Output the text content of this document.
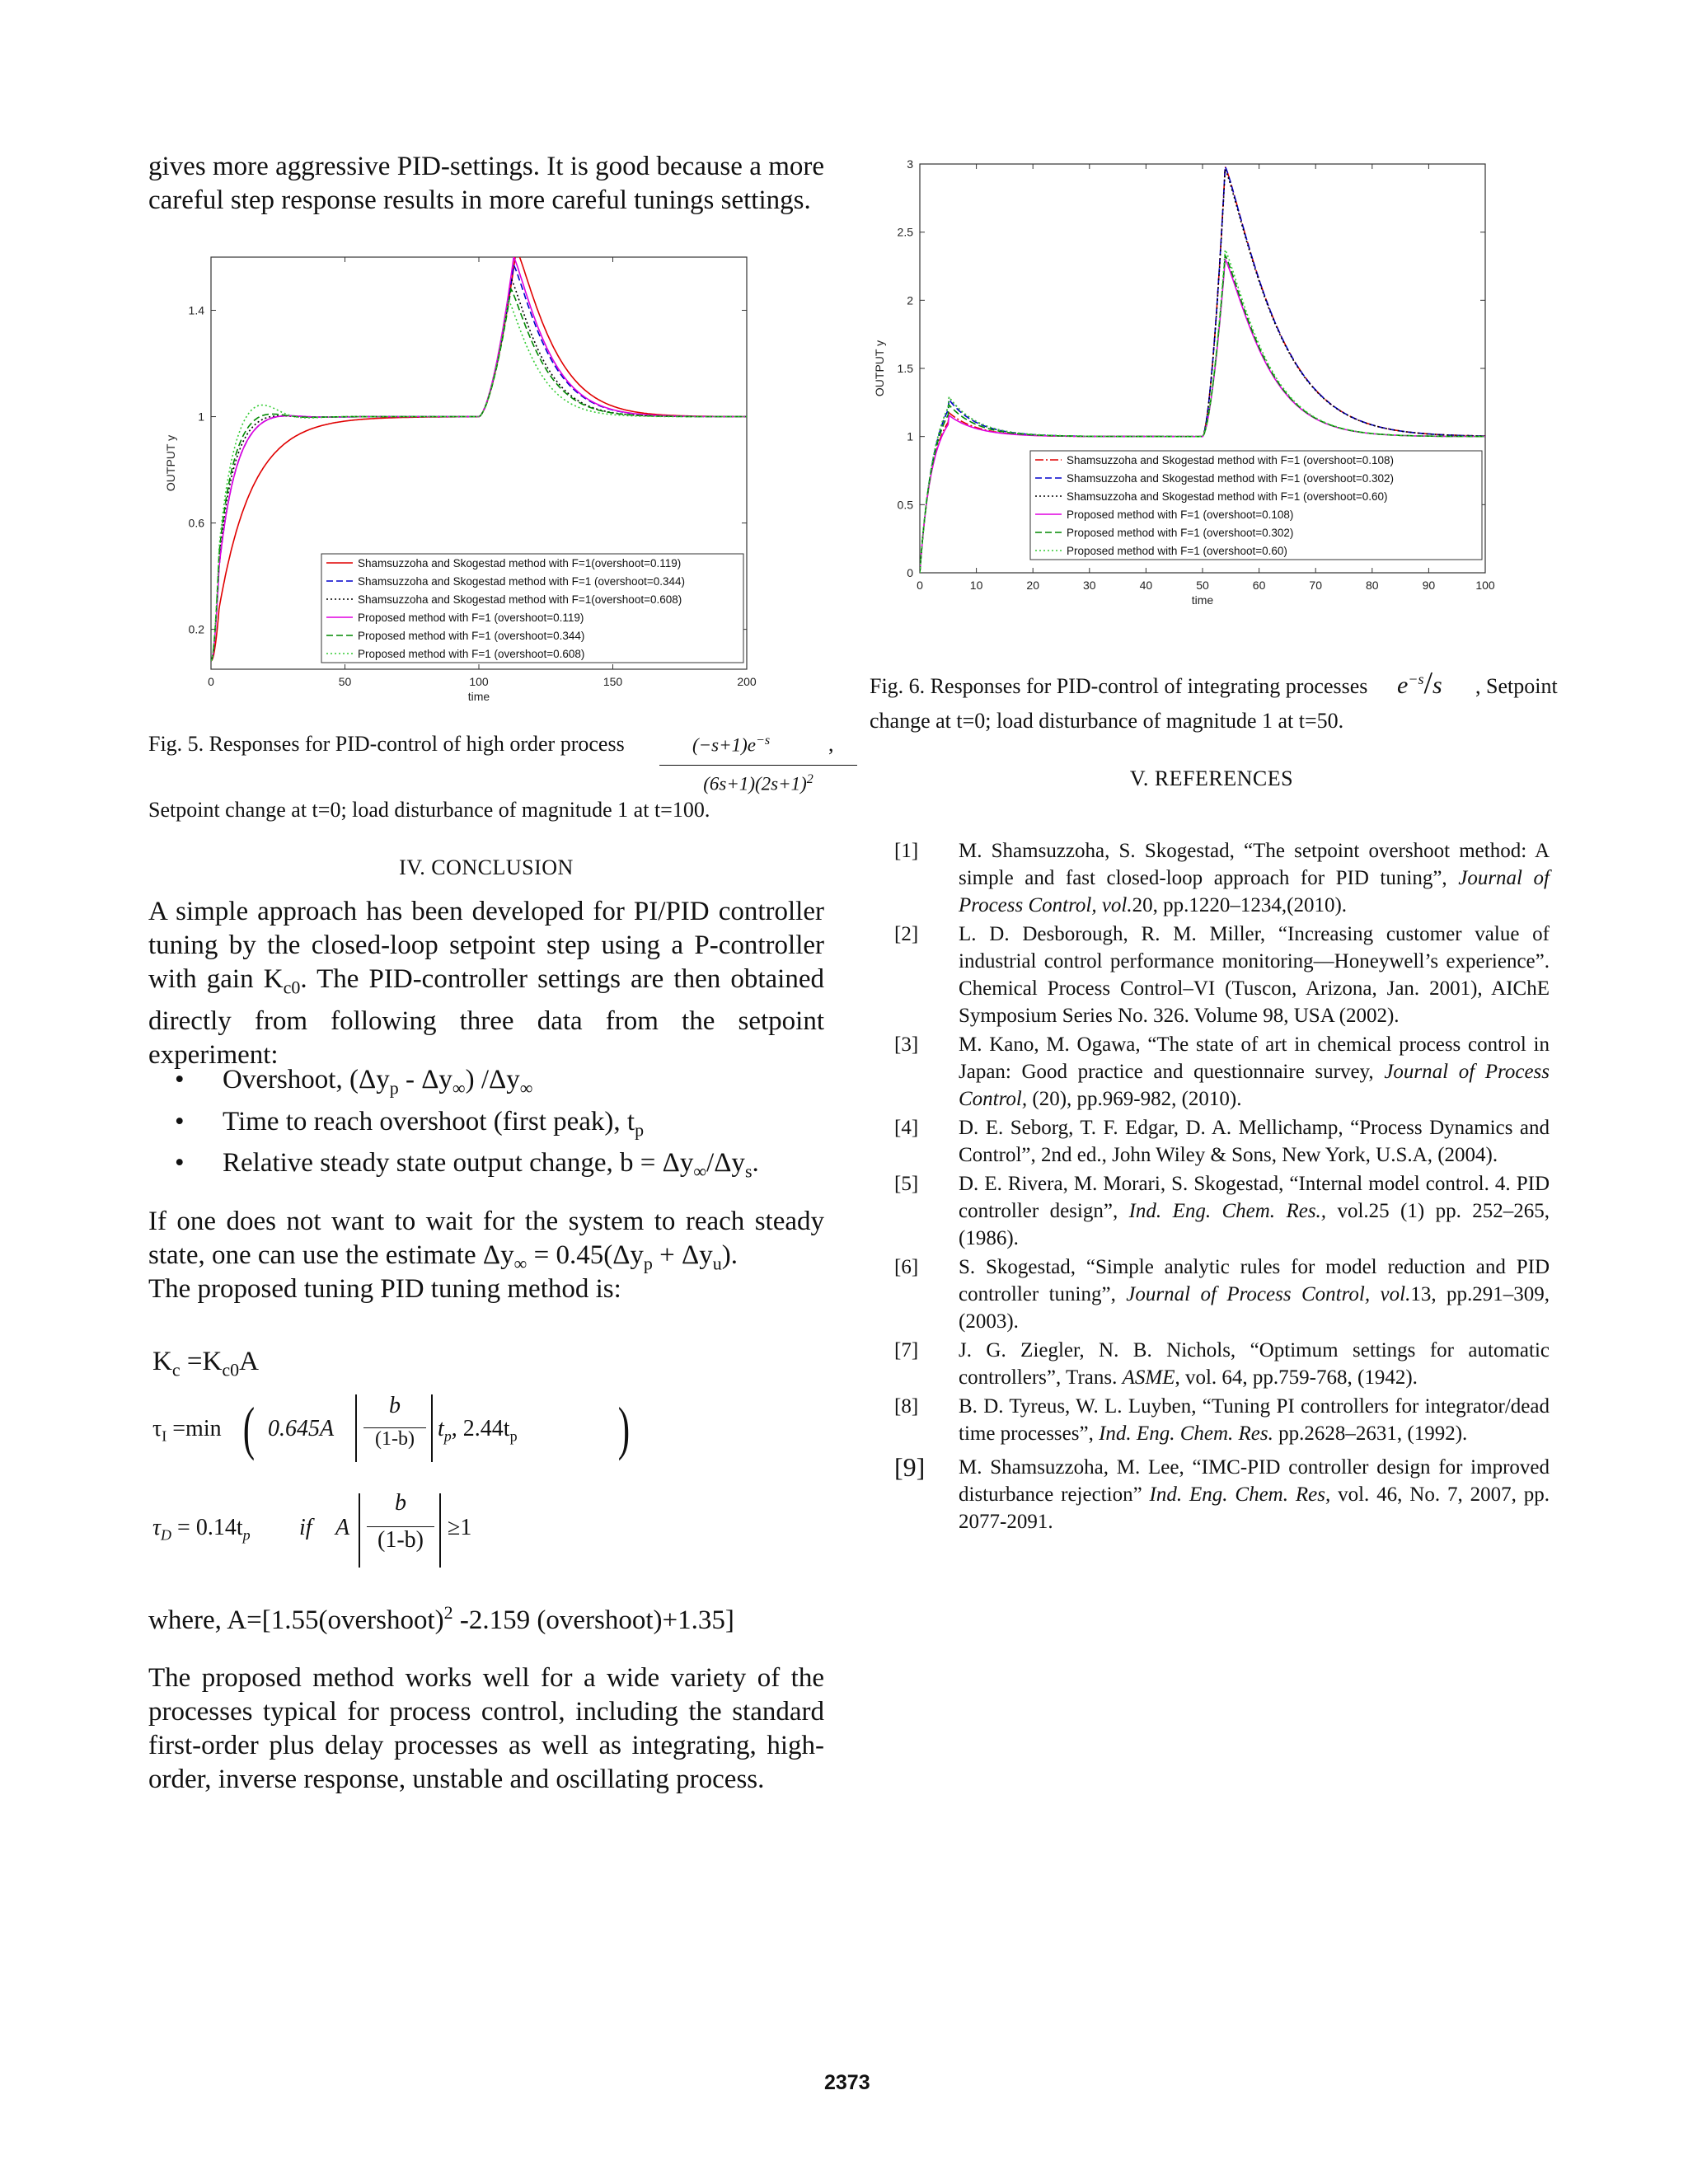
gives more aggressive PID-settings. It is good because a more careful step response results in more careful tunings settings.

0	50	100	150	200
0.2
0.6
1
1.4
time
OUTPUT y
Shamsuzzoha and Skogestad method with F=1(overshoot=0.119)
Shamsuzzoha and Skogestad method with F=1 (overshoot=0.344)
Shamsuzzoha and Skogestad method with F=1(overshoot=0.608)
Proposed method with F=1 (overshoot=0.119)
Proposed method with F=1 (overshoot=0.344)
Proposed method with F=1 (overshoot=0.608)
Fig. 5. Responses for PID-control of high order process	$(-s+1)e^{-s}$
$(6s+1)(2s+1)^2$
,
Setpoint change at t=0; load disturbance of magnitude 1 at t=100.
IV. CONCLUSION

A simple approach has been developed for PI/PID controller tuning by the closed-loop setpoint step using a P-controller with gain $K_{c0}$. The PID-controller settings are then obtained directly from following three data from the setpoint experiment:

• Overshoot, $(\Delta y_p - \Delta y_\infty)$ $/\Delta y_\infty$
• Time to reach overshoot (first peak), $t_p$
• Relative steady state output change, $b = \Delta y_\infty/\Delta y_s$.

If one does not want to wait for the system to reach steady state, one can use the estimate $\Delta y_\infty = 0.45(\Delta y_p + \Delta y_u)$.

The proposed tuning PID tuning method is:

$K_c =K_{c0}A$
$\tau_I =\min$ ( 0.645A
b
(1-b)	$t_p$, $2.44t_p$ )
$\tau_D = 0.14t_p$ if A
b
(1-b)	≥1
where, A=[1.55(overshoot)$^2$ -2.159 (overshoot)+1.35]

The proposed method works well for a wide variety of the processes typical for process control, including the standard first-order plus delay processes as well as integrating, high-order, inverse response, unstable and oscillating process.

0	10	20	30	40	50	60	70	80	90	100
0
0.5
1
1.5
2
2.5
3
time
OUTPUT y
Shamsuzzoha and Skogestad method with F=1 (overshoot=0.108)
Shamsuzzoha and Skogestad method with F=1 (overshoot=0.302)
Shamsuzzoha and Skogestad method with F=1 (overshoot=0.60)
Proposed method with F=1 (overshoot=0.108)
Proposed method with F=1 (overshoot=0.302)
Proposed method with F=1 (overshoot=0.60)
Fig. 6. Responses for PID-control of integrating processes $e^{-s}/s$ , Setpoint
change at t=0; load disturbance of magnitude 1 at t=50.
V. REFERENCES

[1] M. Shamsuzzoha, S. Skogestad, “The setpoint overshoot method: A simple and fast closed-loop approach for PID tuning”, Journal of Process Control, vol.20, pp.1220–1234,(2010).

[2] L. D. Desborough, R. M. Miller, “Increasing customer value of industrial control performance monitoring—Honeywell’s experience”. Chemical Process Control–VI (Tuscon, Arizona, Jan. 2001), AIChE Symposium Series No. 326. Volume 98, USA (2002).

[3] M. Kano, M. Ogawa, “The state of art in chemical process control in Japan: Good practice and questionnaire survey, Journal of Process Control, (20), pp.969-982, (2010).

[4] D. E. Seborg, T. F. Edgar, D. A. Mellichamp, “Process Dynamics and Control”, 2nd ed., John Wiley & Sons, New York, U.S.A, (2004).

[5] D. E. Rivera, M. Morari, S. Skogestad, “Internal model control. 4. PID controller design”, Ind. Eng. Chem. Res., vol.25 (1) pp. 252–265, (1986).

[6] S. Skogestad, “Simple analytic rules for model reduction and PID controller tuning”, Journal of Process Control, vol.13, pp.291–309, (2003).

[7] J. G. Ziegler, N. B. Nichols, “Optimum settings for automatic controllers”, Trans. ASME, vol. 64, pp.759-768, (1942).

[8] B. D. Tyreus, W. L. Luyben, “Tuning PI controllers for integrator/dead time processes”, Ind. Eng. Chem. Res. pp.2628–2631, (1992).

[9] M. Shamsuzzoha, M. Lee, “IMC-PID controller design for improved disturbance rejection” Ind. Eng. Chem. Res, vol. 46, No. 7, 2007, pp. 2077-2091.

2373
